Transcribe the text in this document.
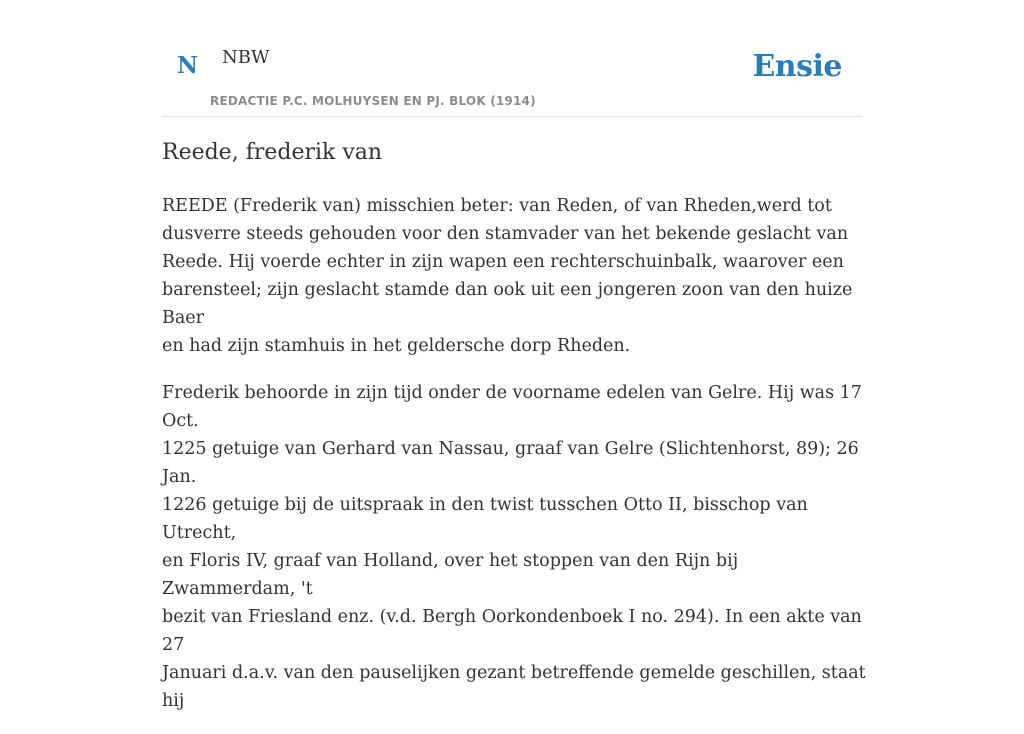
N NBW
REDACTIE P.C. MOLHUYSEN EN PJ. BLOK (1914)
Ensie
Reede, frederik van

REEDE (Frederik van) misschien beter: van Reden, of van Rheden,werd tot
dusverre steeds gehouden voor den stamvader van het bekende geslacht van
Reede. Hij voerde echter in zijn wapen een rechterschuinbalk, waarover een
barensteel; zijn geslacht stamde dan ook uit een jongeren zoon van den huize Baer
en had zijn stamhuis in het geldersche dorp Rheden.

Frederik behoorde in zijn tijd onder de voorname edelen van Gelre. Hij was 17 Oct.
1225 getuige van Gerhard van Nassau, graaf van Gelre (Slichtenhorst, 89); 26 Jan.
1226 getuige bij de uitspraak in den twist tusschen Otto II, bisschop van Utrecht,
en Floris IV, graaf van Holland, over het stoppen van den Rijn bij Zwammerdam, 't
bezit van Friesland enz. (v.d. Bergh Oorkondenboek I no. 294). In een akte van 27
Januari d.a.v. van den pauselijken gezant betreffende gemelde geschillen, staat hij
